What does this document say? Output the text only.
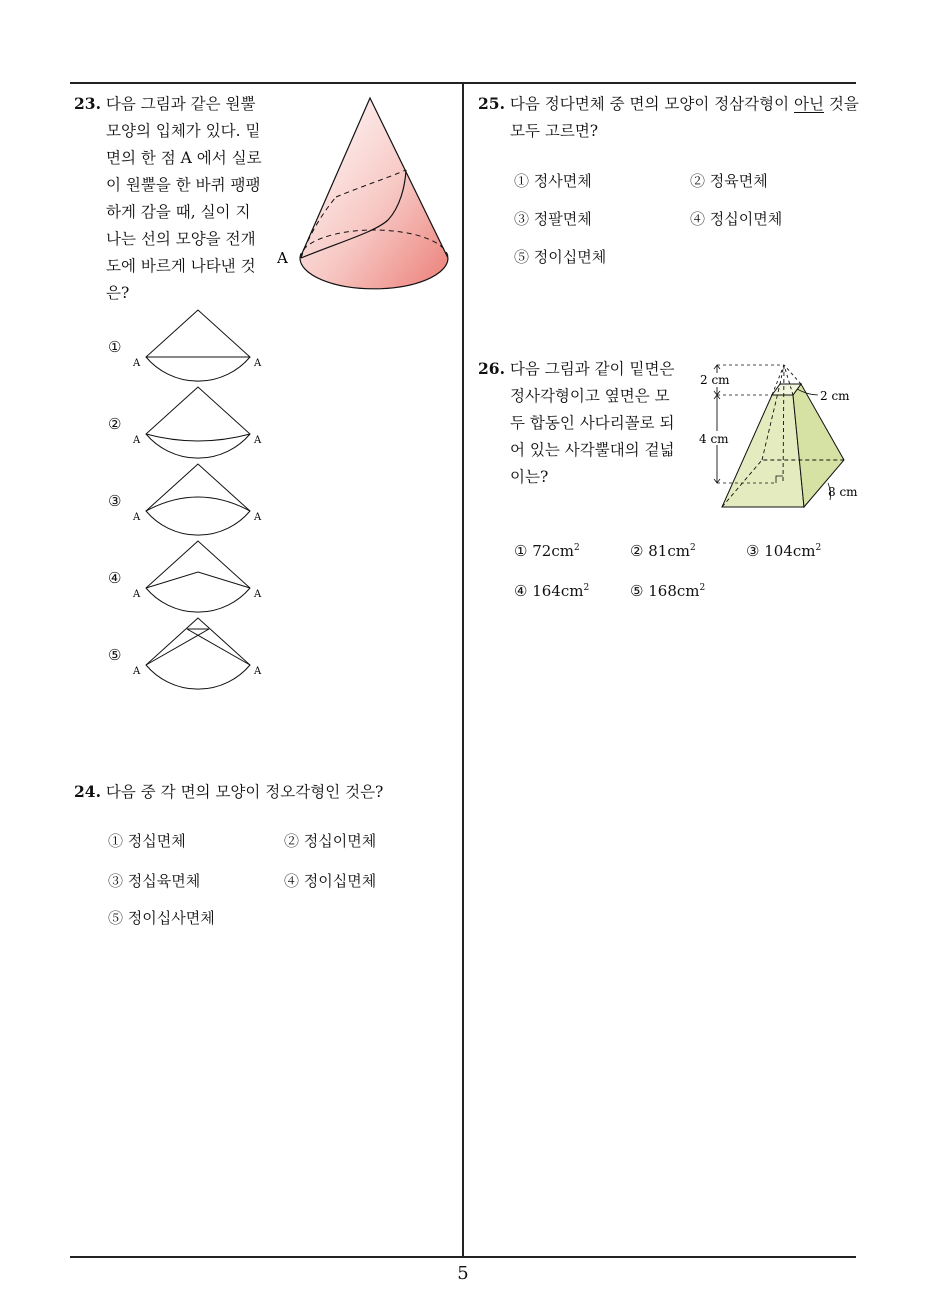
23. 다음 그림과 같은 원뿔
모양의 입체가 있다. 밑
면의 한 점 A 에서 실로
이 원뿔을 한 바퀴 팽팽
하게 감을 때, 실이 지
나는 선의 모양을 전개
도에 바르게 나타낸 것
은?
A
①
A	A
②
A	A
③
A	A
④
A	A
⑤
A	A
24. 다음 중 각 면의 모양이 정오각형인 것은?
① 정십면체	② 정십이면체
③ 정십육면체	④ 정이십면체
⑤ 정이십사면체
25. 다음 정다면체 중 면의 모양이 정삼각형이 아닌 것을
모두 고르면?
① 정사면체	② 정육면체
③ 정팔면체	④ 정십이면체
⑤ 정이십면체
26. 다음 그림과 같이 밑면은
정사각형이고 옆면은 모
두 합동인 사다리꼴로 되
어 있는 사각뿔대의 겉넓
이는?
2 cm
2 cm
4 cm
8 cm
① $72cm^2$	② $81cm^2$	③ $104cm^2$
④ $164cm^2$	⑤ $168cm^2$
5
